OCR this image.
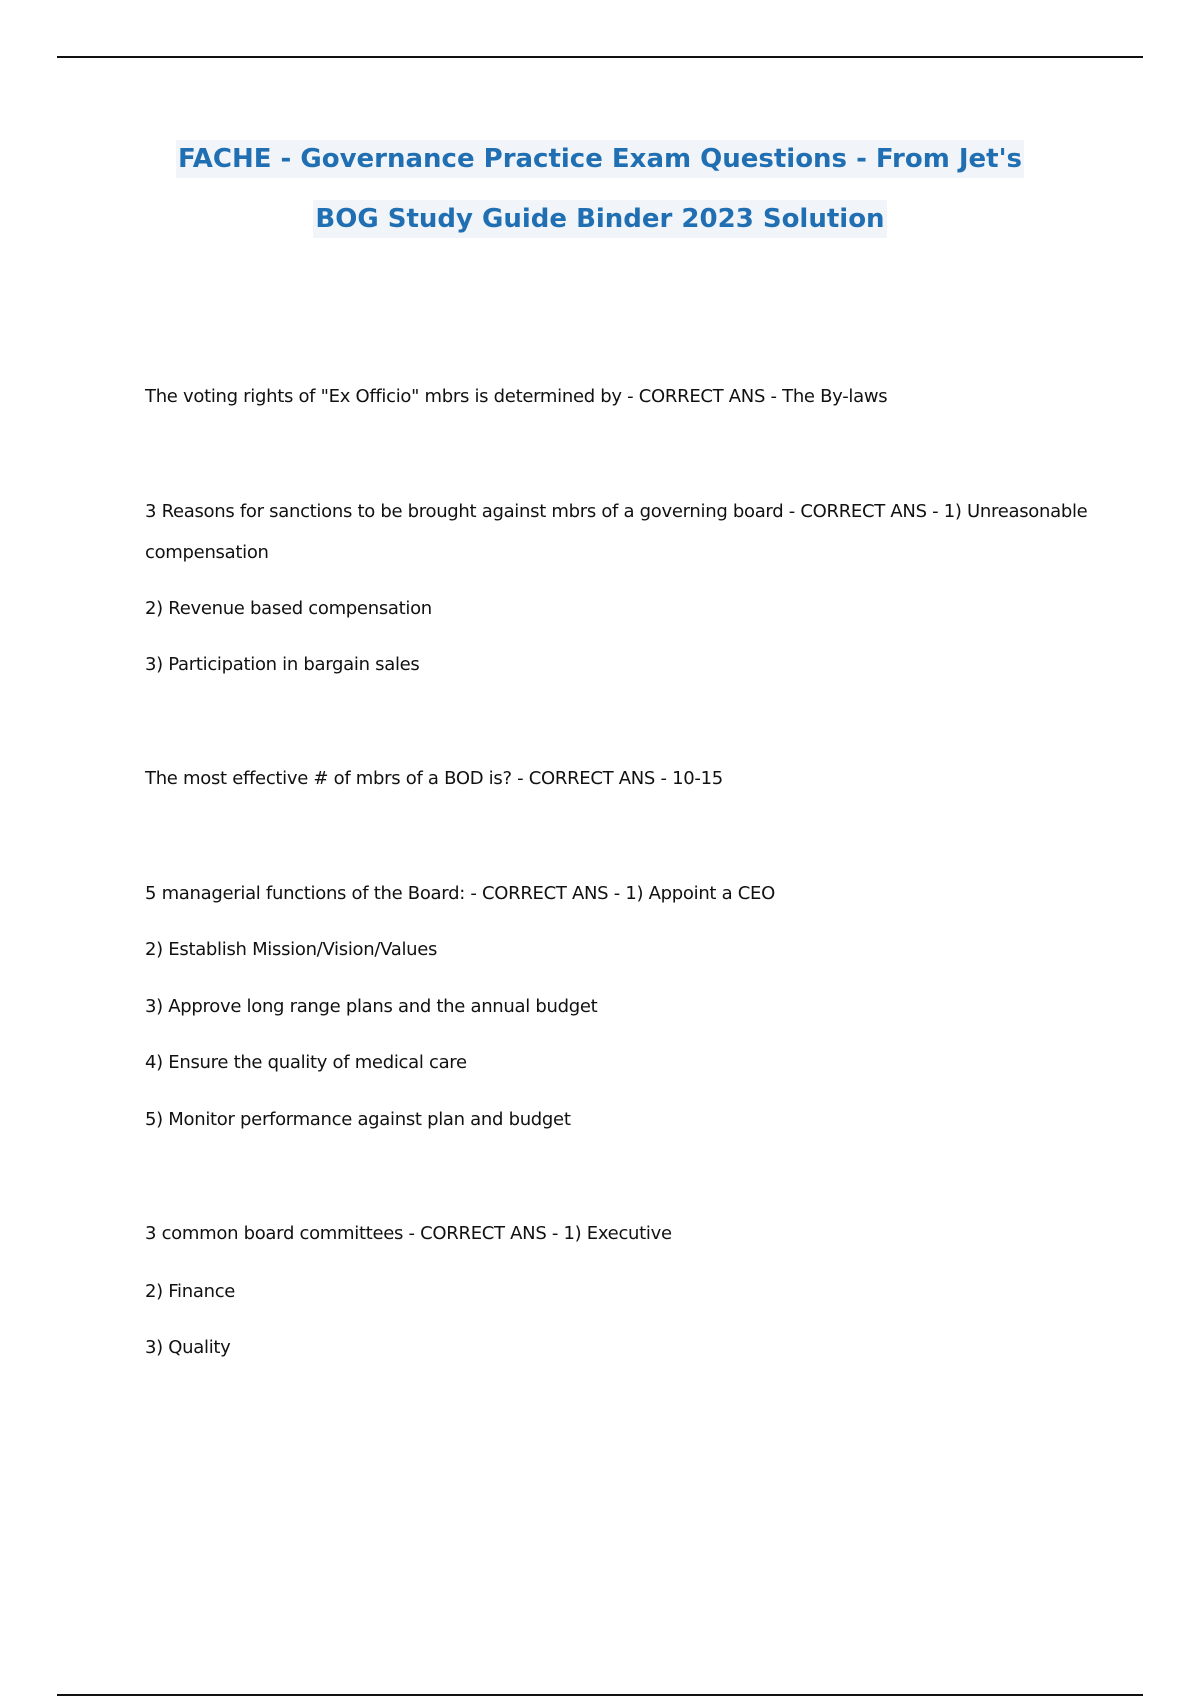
FACHE - Governance Practice Exam Questions - From Jet's
BOG Study Guide Binder 2023 Solution
The voting rights of "Ex Officio" mbrs is determined by - CORRECT ANS - The By-laws
3 Reasons for sanctions to be brought against mbrs of a governing board - CORRECT ANS - 1) Unreasonable
compensation
2) Revenue based compensation
3) Participation in bargain sales
The most effective # of mbrs of a BOD is? - CORRECT ANS - 10-15
5 managerial functions of the Board: - CORRECT ANS - 1) Appoint a CEO
2) Establish Mission/Vision/Values
3) Approve long range plans and the annual budget
4) Ensure the quality of medical care
5) Monitor performance against plan and budget
3 common board committees - CORRECT ANS - 1) Executive
2) Finance
3) Quality
